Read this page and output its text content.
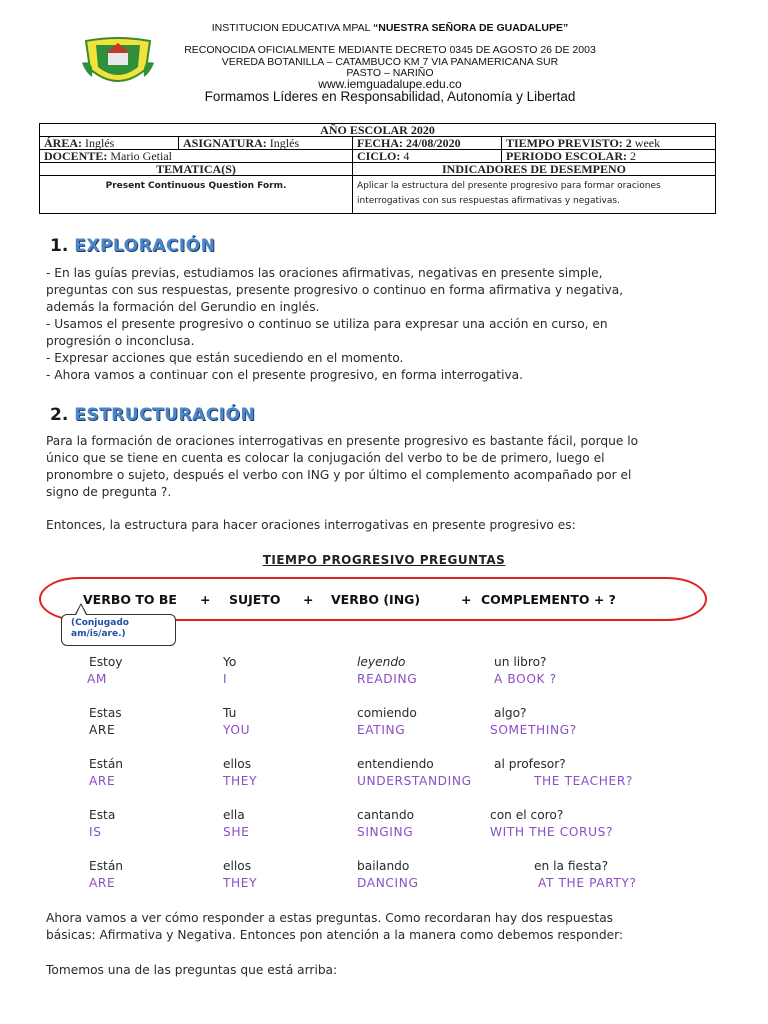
INSTITUCION EDUCATIVA MPAL “NUESTRA SEÑORA DE GUADALUPE”
RECONOCIDA OFICIALMENTE MEDIANTE DECRETO 0345 DE AGOSTO 26 DE 2003
VEREDA BOTANILLA – CATAMBUCO KM 7 VIA PANAMERICANA SUR
PASTO – NARIÑO
www.iemguadalupe.edu.co
Formamos Líderes en Responsabilidad, Autonomía y Libertad
AÑO ESCOLAR 2020			
ÁREA: Inglés	ASIGNATURA: Inglés	FECHA: 24/08/2020	TIEMPO PREVISTO: 2 week
DOCENTE: Mario Getial		CICLO: 4	PERIODO ESCOLAR: 2
TEMATICA(S)		INDICADORES DE DESEMPENO	
Present Continuous Question Form.		Aplicar la estructura del presente progresivo para formar oraciones interrogativas con sus respuestas afirmativas y negativas.	
1. EXPLORACIÓN
- En las guías previas, estudiamos las oraciones afirmativas, negativas en presente simple,
preguntas con sus respuestas, presente progresivo o continuo en forma afirmativa y negativa,
además la formación del Gerundio en inglés.
- Usamos el presente progresivo o continuo se utiliza para expresar una acción en curso, en
progresión o inconclusa.
- Expresar acciones que están sucediendo en el momento.
- Ahora vamos a continuar con el presente progresivo, en forma interrogativa.
2. ESTRUCTURACIÓN
Para la formación de oraciones interrogativas en presente progresivo es bastante fácil, porque lo
único que se tiene en cuenta es colocar la conjugación del verbo to be de primero, luego el
pronombre o sujeto, después el verbo con ING y por último el complemento acompañado por el
signo de pregunta ?.
Entonces, la estructura para hacer oraciones interrogativas en presente progresivo es:
TIEMPO PROGRESIVO PREGUNTAS
VERBO TO BE + SUJETO + VERBO (ING)	+ COMPLEMENTO + ?
(Conjugado
am/is/are.)
Estoy	Yo	leyendo	un libro?
AM	I	READING	A BOOK ?
Estas	Tu	comiendo	algo?
ARE	YOU	EATING	SOMETHING?
Están	ellos	entendiendo	al profesor?
ARE	THEY	UNDERSTANDING	THE TEACHER?
Esta	ella	cantando	con el coro?
IS	SHE	SINGING	WITH THE CORUS?
Están	ellos	bailando	en la fiesta?
ARE	THEY	DANCING	AT THE PARTY?
Ahora vamos a ver cómo responder a estas preguntas. Como recordaran hay dos respuestas
básicas: Afirmativa y Negativa. Entonces pon atención a la manera como debemos responder:
Tomemos una de las preguntas que está arriba:
